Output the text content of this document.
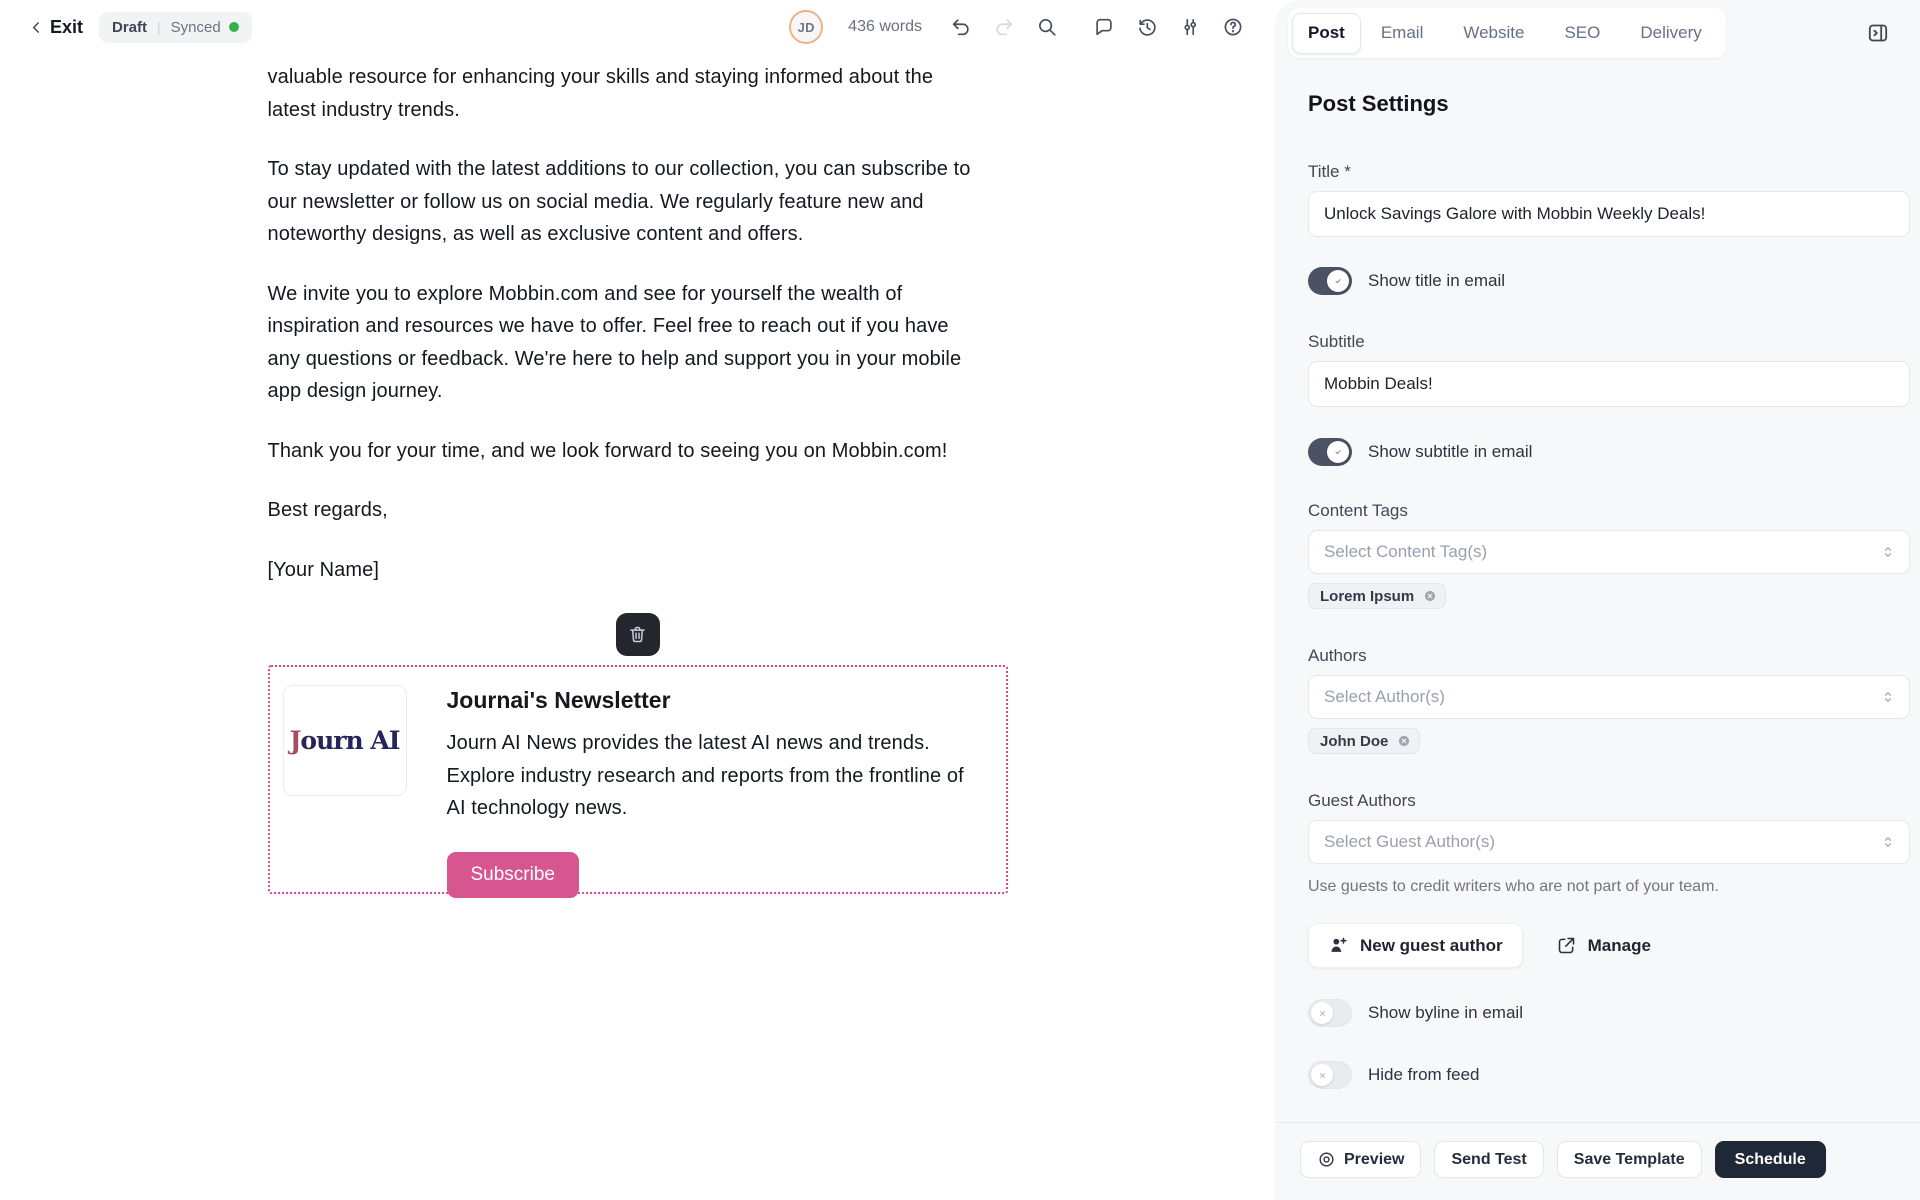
Exit Draft | Synced	JD	436 words

valuable resource for enhancing your skills and staying informed about the latest industry trends.

To stay updated with the latest additions to our collection, you can subscribe to our newsletter or follow us on social media. We regularly feature new and noteworthy designs, as well as exclusive content and offers.

We invite you to explore Mobbin.com and see for yourself the wealth of inspiration and resources we have to offer. Feel free to reach out if you have any questions or feedback. We're here to help and support you in your mobile app design journey.

Thank you for your time, and we look forward to seeing you on Mobbin.com!

Best regards,

[Your Name]

Journ AI
Journai's Newsletter

Journ AI News provides the latest AI news and trends. Explore industry research and reports from the frontline of AI technology news.

Subscribe
Post	Email	Website	SEO	Delivery
Post Settings
Title *
Unlock Savings Galore with Mobbin Weekly Deals!
Show title in email
Subtitle
Mobbin Deals!
Show subtitle in email
Content Tags
Select Content Tag(s)
Lorem Ipsum
Authors
Select Author(s)
John Doe
Guest Authors
Select Guest Author(s)
Use guests to credit writers who are not part of your team.
New guest author	Manage
Show byline in email
Hide from feed
Preview	Send Test	Save Template	Schedule
